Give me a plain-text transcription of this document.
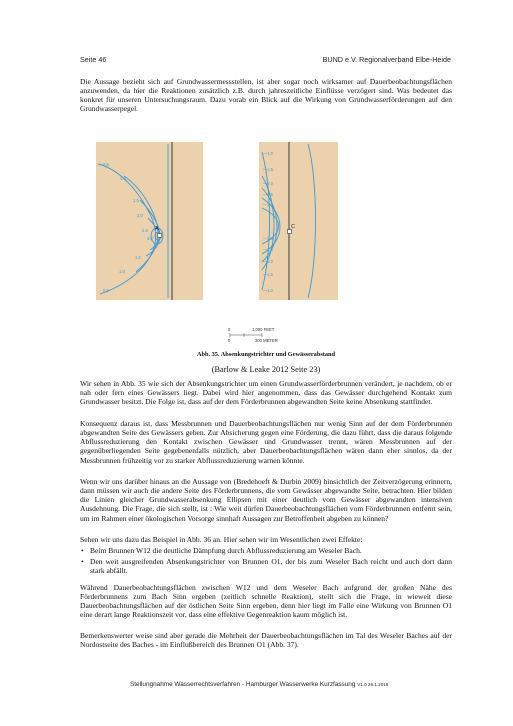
Seite 46	BUND e.V. Regionalverband Elbe-Heide

Die Aussage bezieht sich auf Grundwassermessstellen, ist aber sogar noch wirksamer auf Dauerbeobachtungsflächen anzuwenden, da hier die Reaktionen zusätzlich z.B. durch jahreszeitliche Einflüsse verzögert sind. Was bedeutet das konkret für unseren Untersuchungsraum. Dazu vorab ein Blick auf die Wirkung von Grundwasserförderungen auf den Grundwasserpegel.

0.5
1.0
1.5
2.0
2.5
3.0
1.5
1.0
0.5
A
—1.0
—1.5
—2.0
—2.5
—3.0
—3.0
—2.5
—2.0
—1.5
—1.0
C
0	1,000 FEET
0	300 METER
Abb. 35. Absenkungstrichter und Gewässerabstand
(Barlow & Leake 2012 Seite 23)

Wir sehen in Abb. 35 wie sich der Absenkungstrichter um einen Grundwasserförderbrunnen verändert, je nachdem, ob er nah oder fern eines Gewässers liegt. Dabei wird hier angenommen, dass das Gewässer durchgehend Kontakt zum Grundwasser besitzt. Die Folge ist, dass auf der dem Förderbrunnen abgewandten Seite keine Absenkung stattfindet.

Konsequenz daraus ist, dass Messbrunnen und Dauerbeobachtungsflächen nur wenig Sinn auf der dem Förderbrunnen abgewandten Seite des Gewässers geben. Zur Absicherung gegen eine Förderung, die dazu führt, dass die daraus folgende Abflussreduzierung den Kontakt zwischen Gewässer und Grundwasser trennt, wären Messbrunnen auf der gegenüberliegenden Seite gegebenenfalls nützlich, aber Dauerbeobachtungsflächen wären dann eher sinnlos, da der Messbrunnen frühzeitig vor zu starker Abflussreduzierung warnen könnte.

Wenn wir uns darüber hinaus an die Aussage von (Bredehoeft & Durbin 2009) hinsichtlich der Zeitverzögerung erinnern, dann müssen wir auch die andere Seite des Förderbrunnens, die vom Gewässer abgewandte Seite, betrachten. Hier bilden die Linien gleicher Grundwasserabsenkung Ellipsen mit einer deutlich vom Gewässer abgewandten intensiven Ausdehnung. Die Frage, die sich stellt, ist : Wie weit dürfen Dauerbeobachtungsflächen vom Förderbrunnen entfernt sein, um im Rahmen einer ökologischen Vorsorge sinnhaft Aussagen zur Betroffenheit abgeben zu können?

Sehen wir uns dazu das Beispiel in Abb. 36 an. Hier sehen wir im Wesentlichen zwei Effekte:

• Beim Brunnen W12 die deutliche Dämpfung durch Abflussreduzierung am Weseler Bach.
• Den weit ausgreifenden Absenkungstrichter von Brunnen O1, der bis zum Weseler Bach reicht und auch dort dann stark abfällt.

Während Dauerbeobachtungsflächen zwischen W12 und dem Weseler Bach aufgrund der großen Nähe des Förderbrunnens zum Bach Sinn ergeben (zeitlich schnelle Reaktion), stellt sich die Frage, in wieweit diese Dauerbeobachtungsflächen auf der östlichen Seite Sinn ergeben, denn hier liegt im Falle eine Wirkung von Brunnen O1 eine derart lange Reaktionszeit vor, dass eine effektive Gegenreaktion kaum möglich ist.

Bemerkenswerter weise sind aber gerade die Mehrheit der Dauerbeobachtungsflächen im Tal des Weseler Baches auf der Nordostseite des Baches - im Einflußbereich des Brunnen O1 (Abb. 37).

Stellungnahme Wasserrechtsverfahren - Hamburger Wasserwerke Kurzfassung V1.0 26.1.2016
